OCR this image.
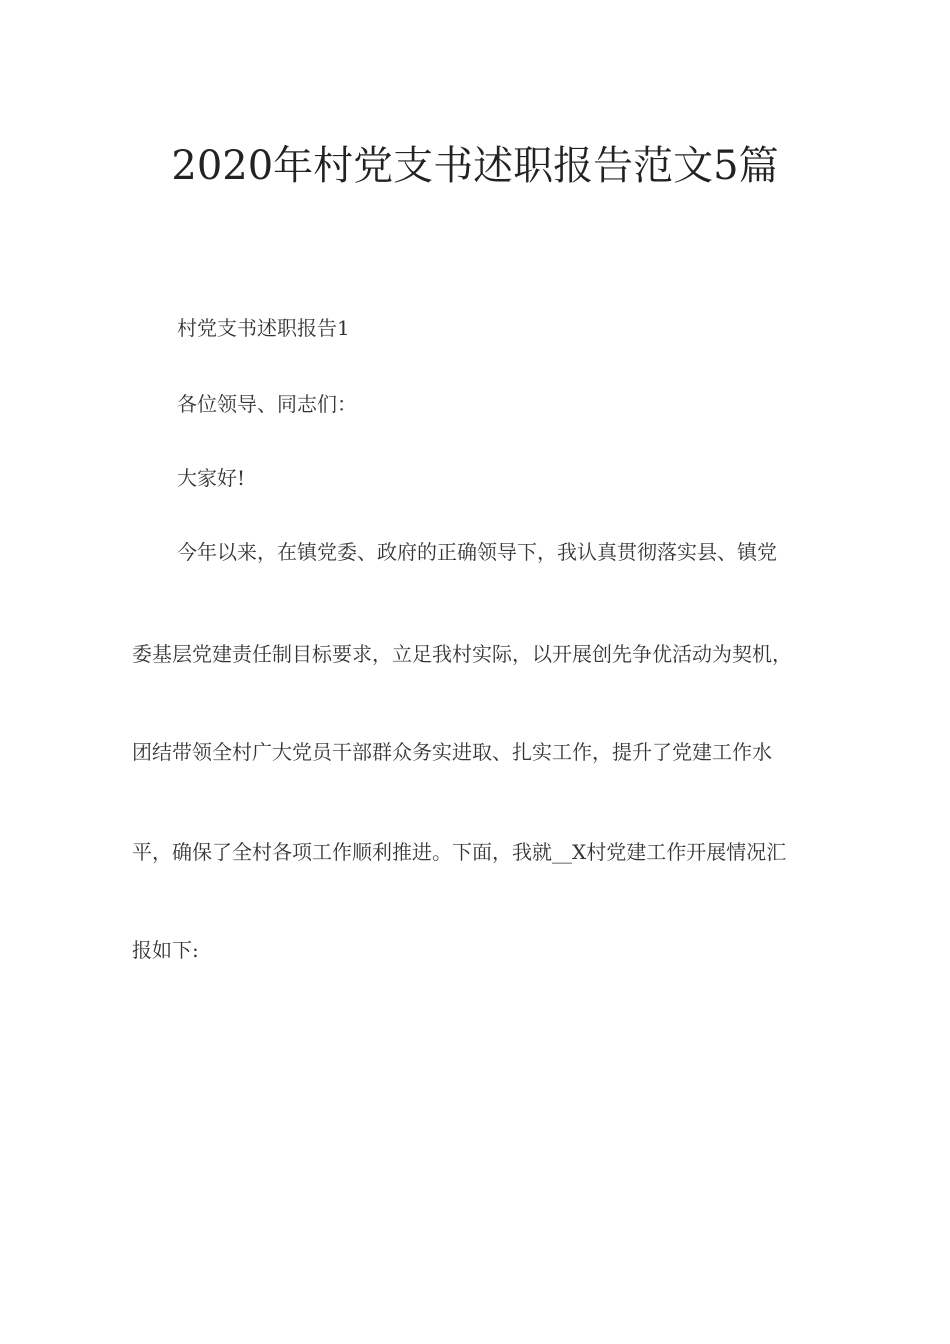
2020年村党支书述职报告范文5篇

村党支书述职报告1

各位领导、同志们：

大家好!

今年以来，在镇党委、政府的正确领导下，我认真贯彻落实县、镇党

委基层党建责任制目标要求，立足我村实际，以开展创先争优活动为契机，

团结带领全村广大党员干部群众务实进取、扎实工作，提升了党建工作水

平，确保了全村各项工作顺利推进。下面，我就__X村党建工作开展情况汇

报如下:
